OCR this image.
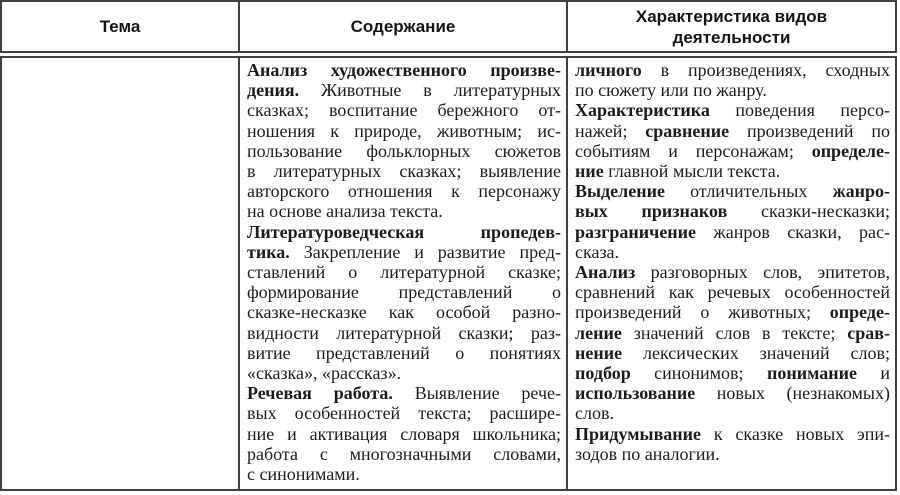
Тема	Содержание
Характеристика видов
деятельности
Анализ художественного произве-
дения. Животные в литературных
сказках; воспитание бережного от-
ношения к природе, животным; ис-
пользование фольклорных сюжетов
в литературных сказках; выявление
авторского отношения к персонажу
на основе анализа текста.
Литературоведческая пропедев-
тика. Закрепление и развитие пред-
ставлений о литературной сказке;
формирование представлений о
сказке-несказке как особой разно-
видности литературной сказки; раз-
витие представлений о понятиях
«сказка», «рассказ».
Речевая работа. Выявление рече-
вых особенностей текста; расшире-
ние и активация словаря школьника;
работа с многозначными словами,
с синонимами.
личного в произведениях, сходных
по сюжету или по жанру.
Характеристика поведения персо-
нажей; сравнение произведений по
событиям и персонажам; определе-
ние главной мысли текста.
Выделение отличительных жанро-
вых признаков сказки-несказки;
разграничение жанров сказки, рас-
сказа.
Анализ разговорных слов, эпитетов,
сравнений как речевых особенностей
произведений о животных; опреде-
ление значений слов в тексте; срав-
нение лексических значений слов;
подбор синонимов; понимание и
использование новых (незнакомых)
слов.
Придумывание к сказке новых эпи-
зодов по аналогии.
